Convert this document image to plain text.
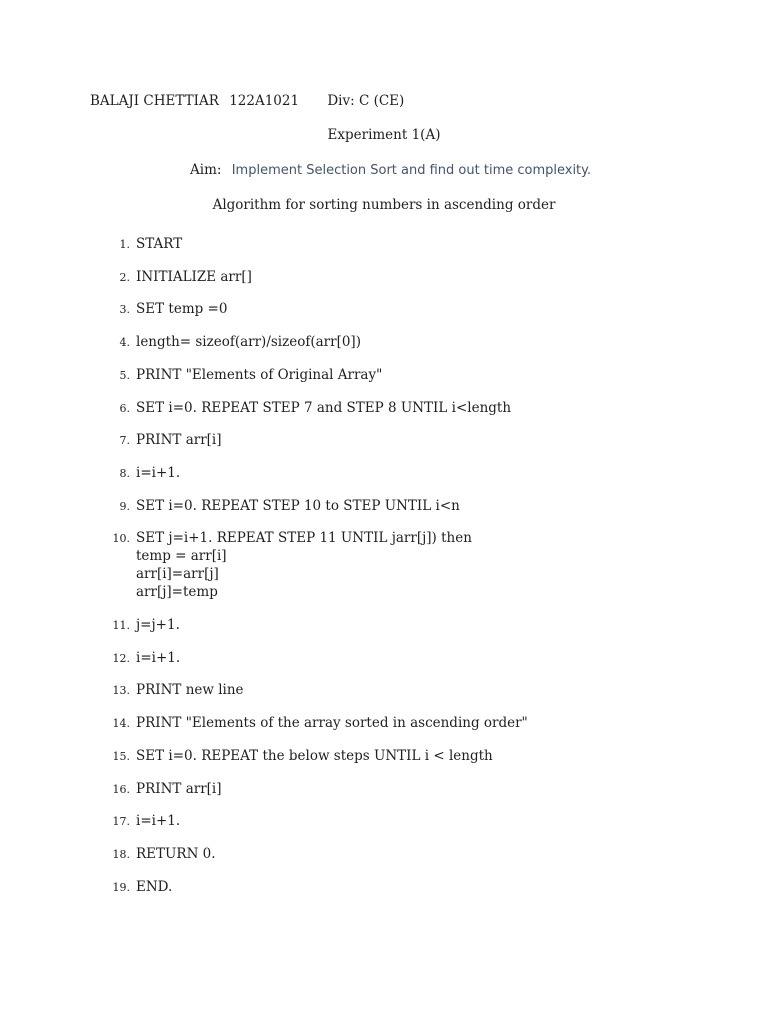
BALAJI CHETTIAR 122A1021 Div: C (CE)
Experiment 1(A)
Aim: Implement Selection Sort and find out time complexity.
Algorithm for sorting numbers in ascending order
1. START
2. INITIALIZE arr[]
3. SET temp =0
4. length= sizeof(arr)/sizeof(arr[0])
5. PRINT "Elements of Original Array"
6. SET i=0. REPEAT STEP 7 and STEP 8 UNTIL i<length
7. PRINT arr[i]
8. i=i+1.
9. SET i=0. REPEAT STEP 10 to STEP UNTIL i<n
10. SET j=i+1. REPEAT STEP 11 UNTIL jarr[j]) then
temp = arr[i]
arr[i]=arr[j]
arr[j]=temp
11. j=j+1.
12. i=i+1.
13. PRINT new line
14. PRINT "Elements of the array sorted in ascending order"
15. SET i=0. REPEAT the below steps UNTIL i < length
16. PRINT arr[i]
17. i=i+1.
18. RETURN 0.
19. END.
